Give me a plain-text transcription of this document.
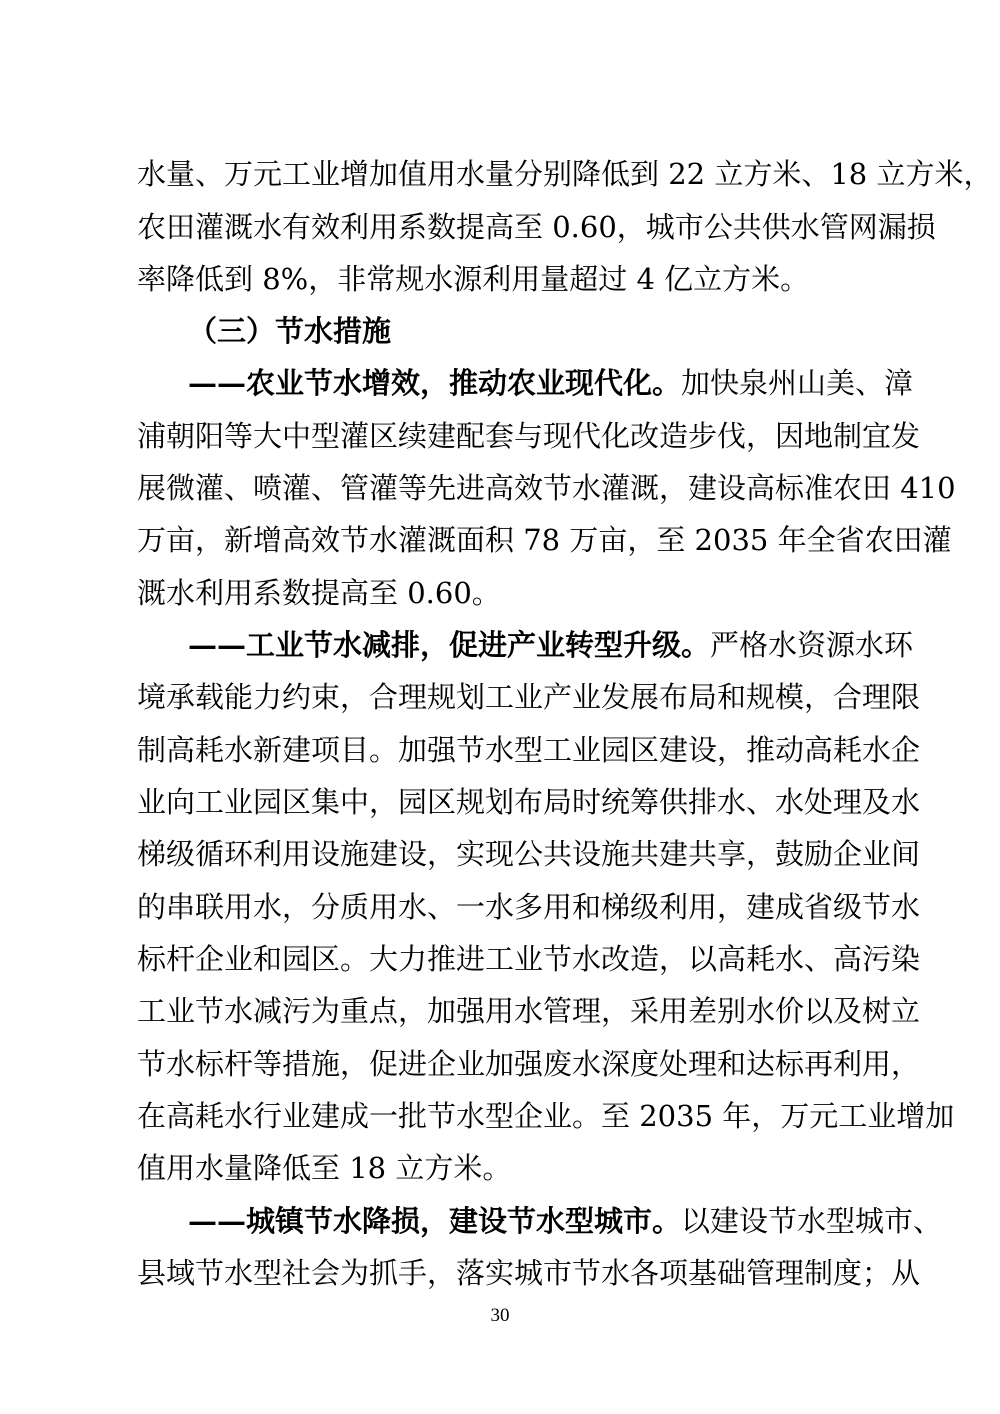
水量、万元工业增加值用水量分别降低到 22 立方米、18 立方米，
农田灌溉水有效利用系数提高至 0.60，城市公共供水管网漏损
率降低到 8%，非常规水源利用量超过 4 亿立方米。
（三）节水措施
——农业节水增效，推动农业现代化。加快泉州山美、漳
浦朝阳等大中型灌区续建配套与现代化改造步伐，因地制宜发
展微灌、喷灌、管灌等先进高效节水灌溉，建设高标准农田 410
万亩，新增高效节水灌溉面积 78 万亩，至 2035 年全省农田灌
溉水利用系数提高至 0.60。
——工业节水减排，促进产业转型升级。严格水资源水环
境承载能力约束，合理规划工业产业发展布局和规模，合理限
制高耗水新建项目。加强节水型工业园区建设，推动高耗水企
业向工业园区集中，园区规划布局时统筹供排水、水处理及水
梯级循环利用设施建设，实现公共设施共建共享，鼓励企业间
的串联用水，分质用水、一水多用和梯级利用，建成省级节水
标杆企业和园区。大力推进工业节水改造，以高耗水、高污染
工业节水减污为重点，加强用水管理，采用差别水价以及树立
节水标杆等措施，促进企业加强废水深度处理和达标再利用，
在高耗水行业建成一批节水型企业。至 2035 年，万元工业增加
值用水量降低至 18 立方米。
——城镇节水降损，建设节水型城市。以建设节水型城市、
县域节水型社会为抓手，落实城市节水各项基础管理制度；从
30
